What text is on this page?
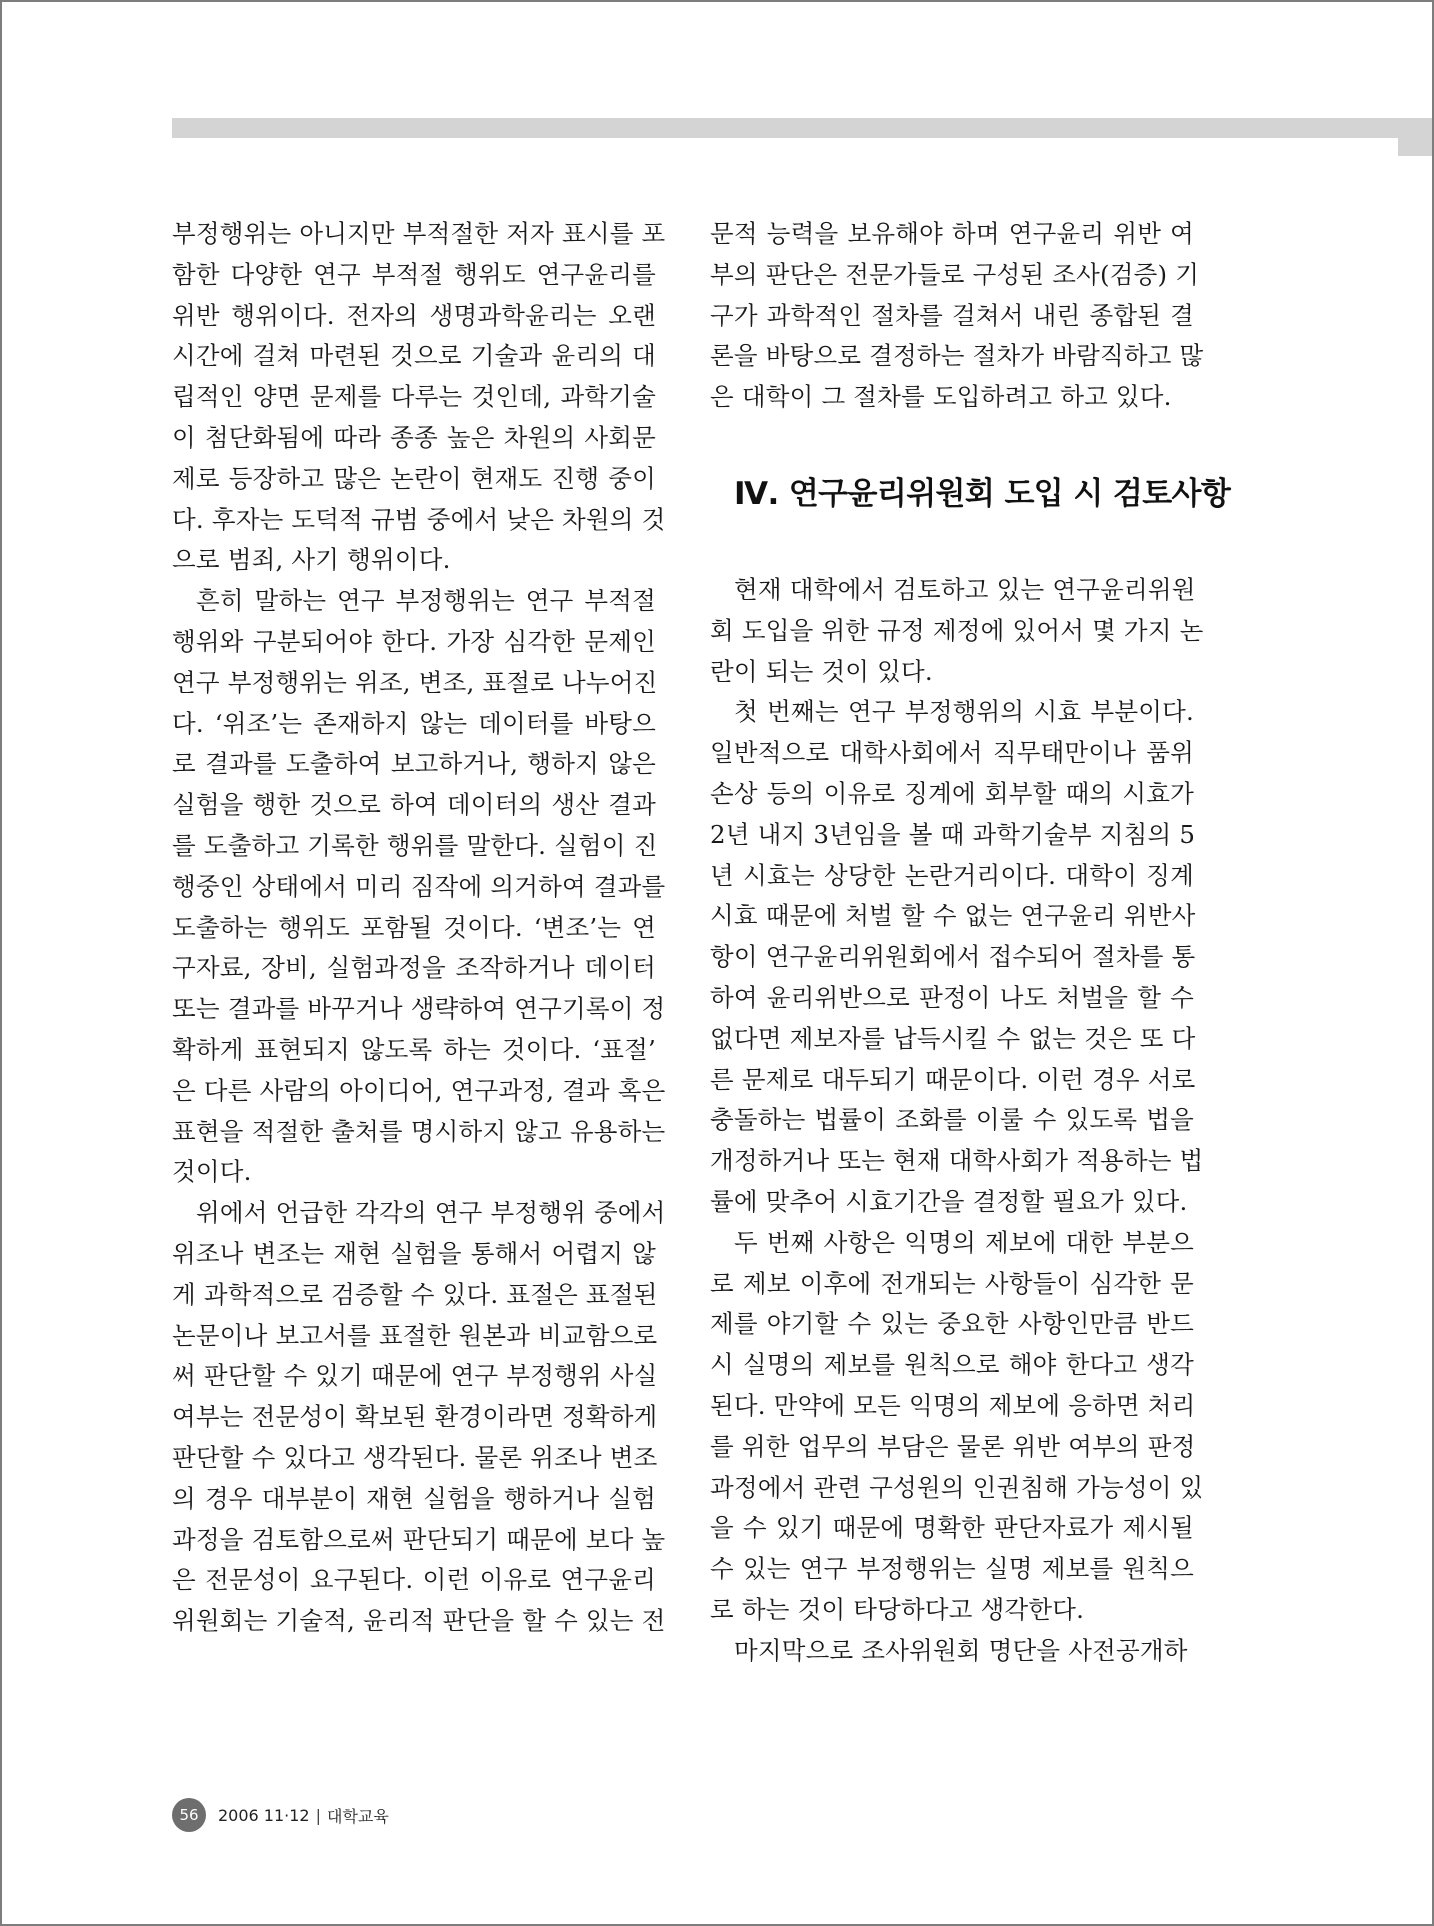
부정행위는 아니지만 부적절한 저자 표시를 포
함한 다양한 연구 부적절 행위도 연구윤리를
위반 행위이다. 전자의 생명과학윤리는 오랜
시간에 걸쳐 마련된 것으로 기술과 윤리의 대
립적인 양면 문제를 다루는 것인데, 과학기술
이 첨단화됨에 따라 종종 높은 차원의 사회문
제로 등장하고 많은 논란이 현재도 진행 중이
다. 후자는 도덕적 규범 중에서 낮은 차원의 것
으로 범죄, 사기 행위이다.
흔히 말하는 연구 부정행위는 연구 부적절
행위와 구분되어야 한다. 가장 심각한 문제인
연구 부정행위는 위조, 변조, 표절로 나누어진
다. ‘위조’는 존재하지 않는 데이터를 바탕으
로 결과를 도출하여 보고하거나, 행하지 않은
실험을 행한 것으로 하여 데이터의 생산 결과
를 도출하고 기록한 행위를 말한다. 실험이 진
행중인 상태에서 미리 짐작에 의거하여 결과를
도출하는 행위도 포함될 것이다. ‘변조’는 연
구자료, 장비, 실험과정을 조작하거나 데이터
또는 결과를 바꾸거나 생략하여 연구기록이 정
확하게 표현되지 않도록 하는 것이다. ‘표절’
은 다른 사람의 아이디어, 연구과정, 결과 혹은
표현을 적절한 출처를 명시하지 않고 유용하는
것이다.
위에서 언급한 각각의 연구 부정행위 중에서
위조나 변조는 재현 실험을 통해서 어렵지 않
게 과학적으로 검증할 수 있다. 표절은 표절된
논문이나 보고서를 표절한 원본과 비교함으로
써 판단할 수 있기 때문에 연구 부정행위 사실
여부는 전문성이 확보된 환경이라면 정확하게
판단할 수 있다고 생각된다. 물론 위조나 변조
의 경우 대부분이 재현 실험을 행하거나 실험
과정을 검토함으로써 판단되기 때문에 보다 높
은 전문성이 요구된다. 이런 이유로 연구윤리
위원회는 기술적, 윤리적 판단을 할 수 있는 전
문적 능력을 보유해야 하며 연구윤리 위반 여
부의 판단은 전문가들로 구성된 조사(검증) 기
구가 과학적인 절차를 걸쳐서 내린 종합된 결
론을 바탕으로 결정하는 절차가 바람직하고 많
은 대학이 그 절차를 도입하려고 하고 있다.
Ⅳ. 연구윤리위원회 도입 시 검토사항
현재 대학에서 검토하고 있는 연구윤리위원
회 도입을 위한 규정 제정에 있어서 몇 가지 논
란이 되는 것이 있다.
첫 번째는 연구 부정행위의 시효 부분이다.
일반적으로 대학사회에서 직무태만이나 품위
손상 등의 이유로 징계에 회부할 때의 시효가
2년 내지 3년임을 볼 때 과학기술부 지침의 5
년 시효는 상당한 논란거리이다. 대학이 징계
시효 때문에 처벌 할 수 없는 연구윤리 위반사
항이 연구윤리위원회에서 접수되어 절차를 통
하여 윤리위반으로 판정이 나도 처벌을 할 수
없다면 제보자를 납득시킬 수 없는 것은 또 다
른 문제로 대두되기 때문이다. 이런 경우 서로
충돌하는 법률이 조화를 이룰 수 있도록 법을
개정하거나 또는 현재 대학사회가 적용하는 법
률에 맞추어 시효기간을 결정할 필요가 있다.
두 번째 사항은 익명의 제보에 대한 부분으
로 제보 이후에 전개되는 사항들이 심각한 문
제를 야기할 수 있는 중요한 사항인만큼 반드
시 실명의 제보를 원칙으로 해야 한다고 생각
된다. 만약에 모든 익명의 제보에 응하면 처리
를 위한 업무의 부담은 물론 위반 여부의 판정
과정에서 관련 구성원의 인권침해 가능성이 있
을 수 있기 때문에 명확한 판단자료가 제시될
수 있는 연구 부정행위는 실명 제보를 원칙으
로 하는 것이 타당하다고 생각한다.
마지막으로 조사위원회 명단을 사전공개하
56	2006 11·12 | 대학교육
